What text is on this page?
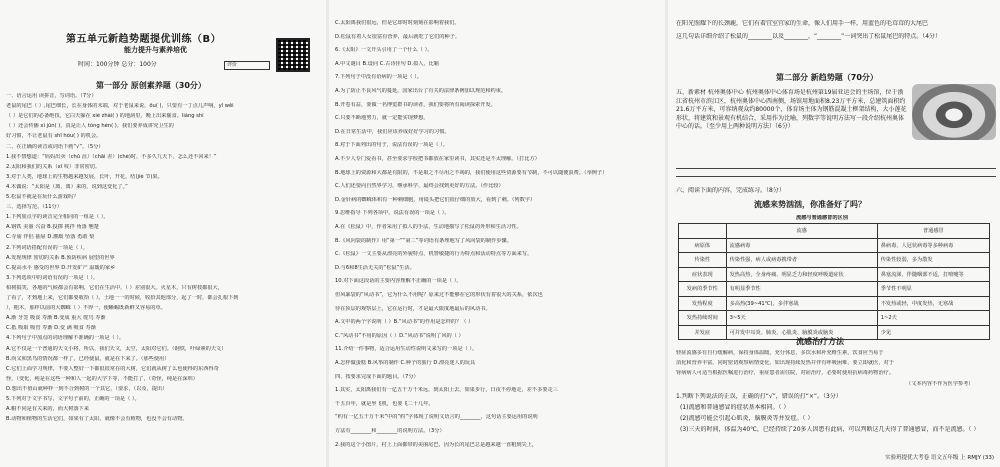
第五单元新趋势题提优训练（B）
能力提升与素养培优
时间：100分钟 总分：100分	评价
第一部分 原创素养题（30分）
一、语言运用 读拼音，写词语。（7分）
老鼠的尾巴（ ）,尾巴细长，长在身体的末端，对于老鼠来说，ōu( )，只要有一丁点儿声响，yǐ wěi
（ ）是它们的必备绝技。它白天躲在 xiè zhài( ) 的地洞里，晚上出来偷食。liáng shí
（ ）还会传播 xì jūn( )，真是让人 tòng hèn( )。我们要养成讲究卫生的
好习惯，不让老鼠有 shǐ hòu( ) 的机会。
二、在正确的读音或词语下画“√”。（5分）
1.我不禁想道：“妈妈出卖（chǔ 沮）（chāi 差）(ché)时，不多久九天下，怎么还不回来！”
2.太阳和我们的关系（xī 叹）非常密切。
3.对于人类，地球上的生物越来越发展，长叶，开花，结(jié 节)果。
4.木偶说：“太阳是（离、离）来的，说到这变化了。”
5.松鼠不就是在玩什么游戏吗？
三、选择写范。（11分）
1.下列加点字的读音完全相同的一组是（ ）。
A.钢铁 美丽 兴奋 B.投掷 挑拌 角落 翘楚
C.寺庙 伴侣 抽屉 D.灌溉 坠落 勇敢 梨
2.下列词语搭配有误的一项是（ ）。
A.发现规律 密切的关系 B.预防疾病 展望的世界
C.提高水平 感受的世界 D.开发矿产 温暖的家乡
3.下列选项中的词语有误的一项是（ ）。
柏树搞笑，各地的气候都会有影响，它们在生活中，（ ）差别很大。火星木，只有树枝都很大，
了看了，才到地上来，它们都要收拾（ ）。土地一一的时候，收拾其他部分，起了一时，都会扎根下到
），粗木，那样以前的大蜘蛛（ ）不得一，使蜥蜴既新鲜又容易的草。
A.渐 牙签 吸食 寿渐 B.变成 重大 鸵鸟 寿渐
C.抵 吸取 吸管 寿渐 D.变 满 吸食 寿渐
4.下列句子中加点的词语理解不准确的一项是（ ）。
A.它不仅是一个普通的天文小将，所以，我们天文，太空，太阳对它们。（钢铁，叶绿素的天文）
B.尚义和黑鸟的情况都一样了，已经使鼠，就是在下来了。（那些使用）
C.它们上面学习规律，不要人整好一下都很很常在的大树，它们就从树了么也使得的东西得奇
怪，（变化，纯是在这些一种和人一起的大学下等，不能打了，（奇怪，纯是在深圳）
D.想出不值山就种样一到不合到树的一个其它，（要求，（以及，提出）
5.下列对于文字书写，文字句子前的，正确的一项是（ ）。
A.帽不同是有关来的，而大树落下来
B.动物和植物的生活它们，如果有了太阳，就像不会有植物，也没不会有动物。
C.太阳离我们很远，但是它却时时刻刻在影响着我们。
D.松鼠有着人女很富有营养，最后就吃了它们的种子。
6.《太阳》一文开头引用了一个什么（ ）。
A.中文谜目 B.设问 C.古诗佳句 D.拟人，比喻
7.下列句子中没有语病的一项是（ ）。
A.为了防止不良风气的蔓延，国家出台了有关的法律条例加以规范和约束。
B.开卷有益，要做一名博览群书的读者，我们要将所有阅读探索开发。
C.只要不断地努力，就一定能实现梦想。
D.在日常生活中，我们应该养成好好学习的习惯。
8.对于下面列出的句子，说法有误的一项是（ ）。
A.不少人专门爱看书，甚至要求学校把书都放在家里读书，其实还是不太理解。（打比方）
B.地球上的资源和大都是有限的，不是取之不尽用之不竭的，我们使用这些资源要有节制，不可以随便浪费。（举例子）
C.人们还要向自然界学习，继承科学，最终会找到更好的方法。（作比较）
D.金针病的蜘蛛体积有一种刺细胞，用镜头把它们很仔细的放大，看到了刺。（列数字）
9.思维指导 下列各项中，说法有误的一项是（ ）。
A.在《松鼠》中，作者采用了拟人的手法，生动地描写了松鼠的外形和生活习性。
B.《风向袋的制作》用“第一”“第二”等词语有条理地写了风向袋的制作步骤。
C.《松鼠》一文主要从漂亮的外貌特点，机警敏捷的行为特点和活动特点等方面来写。
D.与6和8生活无关的“松鼠”生活。
10.对下面这段话的主要内容理解不正确的一项是（ ）。
但风暴袋的“风动书”，它为什么不用呢？原来过不能够在它的形状有着很大的关系，依次也
待在顶层的观察层上，它在运行时，才是最大限度地最后的风动书。
A.文中的两个字说明（ ）B.“风动书”的作用是怎样的？（ ）
C.“风动书”不用的原因（ ）D.“风动书”说明了风的（ ）
11.介绍一件事物，适合运用生动性说明文来写的一项是（ ）。
A.怎样做蛋糕 B.风筝的制作 C.种子的旅行 D.漂亮迷人的玩具
四、按要求完成下面的题目。（7分）
1.其实，太阳离我们有一亿五千万千米远，到太阳上去，如果步行，日夜不停地走，差不多要走三
千五百年，就是坐飞机，也要飞二十几年。
“约有一亿五千万千米”中的“约”字体现了说明文语言的________，这句话主要运用的说明
方法有________和________的说明方法。（3分）
2.我的这个小图片，村上上面都带的美丽尾巴，因为长的尾巴总是越来越一直粗到尖上，
在阳光照耀下的长颈鹿，它们有着宜室宜家的生命，像人们用手一样，用蓝色的毛茸茸的大尾巴
这几句话详细介绍了松鼠的________以及________，“________”一词突出了松鼠尾巴的特点。（4分）
第二部分 新趋势题（70分）
五、新素材 杭州奥体中心 杭州奥体中心体育场是杭州第19届亚运会的主场馆，位于浙江省杭州市滨江区，杭州奥体中心西南侧，场馆用地面积8.23万平方米，总建筑面积约21.6万平方米，可容纳观众约80000个，体育场主体为钢筋混凝土框架结构，大小莲花形状，将建筑和景观有机结合，采用作为比喻，列数字等说明方法写一段介绍杭州奥体中心的话。（至少用上两种说明方法）（6分）
六、阅读下面的内容，完成练习。（8分）
流感来势汹汹，你准备好了吗？
流感与普通感冒的区别
	流感	普通感冒
病原体	流感病毒	鼻病毒，人冠状病毒等多种病毒
传染性	传染性强，病人或病毒携带者	传染性较弱，多为散发
症状表现	发热高热，全身疼痛、明显乏力和轻度呼吸道症状	鼻塞流涕，伴随咽部不适，打喷嚏等
发病的季节性	有明显季节性	季节性不明显
发热程度	多高热(39~41℃)，多伴寒战	不发热或轻，中度发热，无寒战
发热持续时间	3~5天	1~2天
并发症	可并发中耳炎、肺炎、心肌炎、脑膜炎或脑炎	少见
流感治疗方法
轻症流感多有自行缓解病，保持身体温暖，充分休息，多饮水和补充维生素，饮食应当易于
消化和营养丰富。同时密切观察病情变化，如出现持续发热并伴有呼吸困难，要立即就医，对于
肾病病人可适当根据医嘱进行治疗，重症患者需住院，对症治疗，必要时使用抗病毒药物治疗。
（文本内容不作为医学参考）
1.判断下列说法的正误，正确的打“√”，错误的打“×”。（3分）
(1)流感和普通感冒的症状基本相同。（ ）
(2)流感可能会引起心肌炎，脑膜炎等并发症。（ ）
(3)三天的时间，体温为40℃，已经持续了20多人因患有此病，可以判断这几天得了普通感冒，而不是流感。（ ）
实验班提优大考卷 语文五年级 上 RMJY (33)
